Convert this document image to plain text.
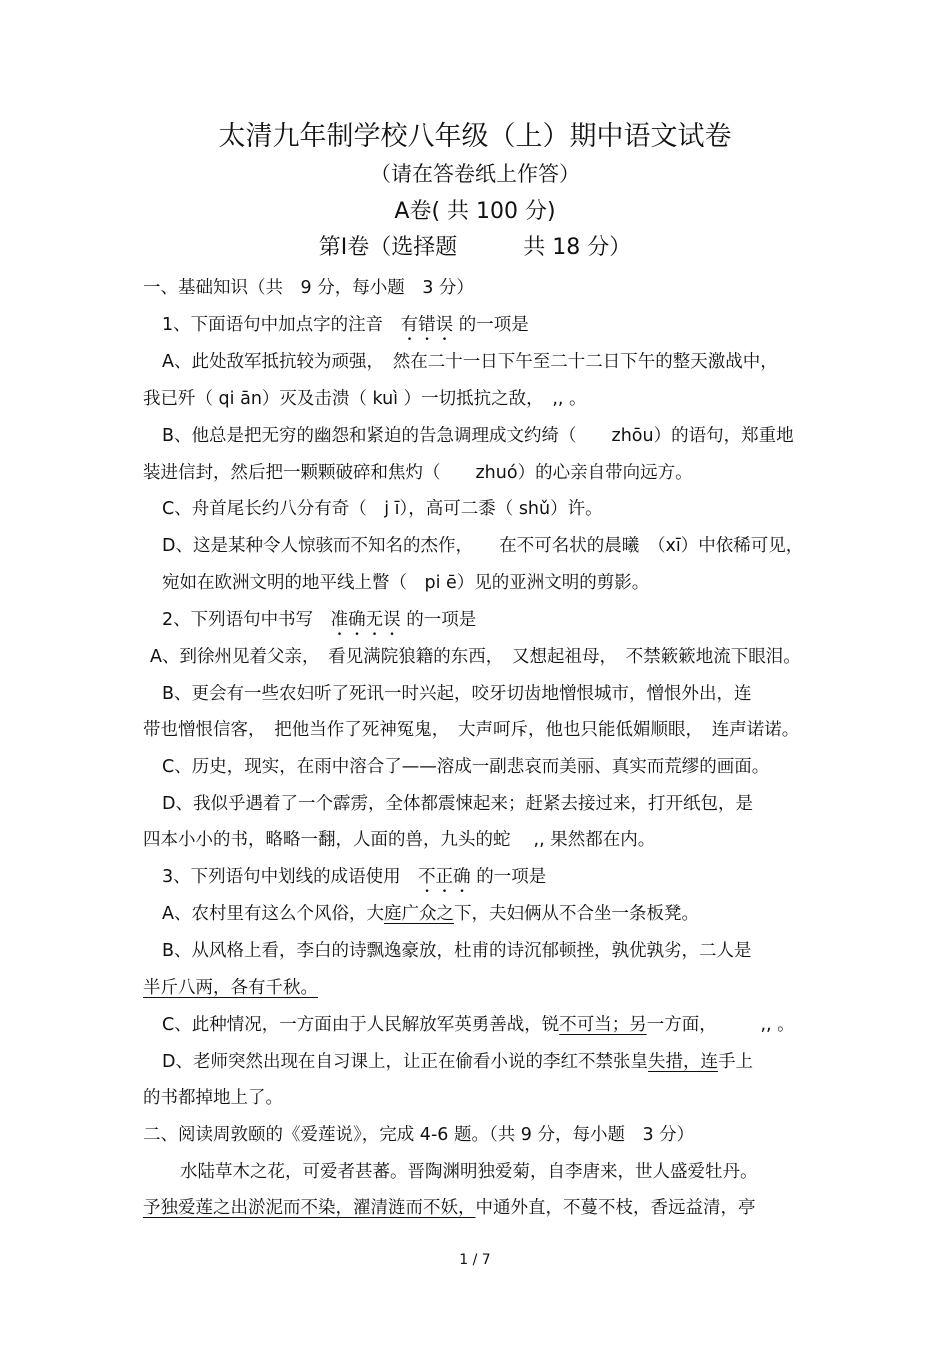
太清九年制学校八年级（上）期中语文试卷
（请在答卷纸上作答）
A卷( 共 100 分)
第Ⅰ卷（选择题　　　共 18 分）
一、基础知识（共　9 分，每小题　3 分）
1、下面语句中加点字的注音　有错误 的一项是
A、此处敌军抵抗较为顽强，　然在二十一日下午至二十二日下午的整天激战中，
我已歼（ qi ān）灭及击溃（ kuì ）一切抵抗之敌，　,, 。
B、他总是把无穷的幽怨和紧迫的告急调理成文约绮（　　zhōu）的语句，郑重地
装进信封，然后把一颗颗破碎和焦灼（　　zhuó）的心亲自带向远方。
C、舟首尾长约八分有奇（　j ī），高可二黍（ shǔ）许。
D、这是某种令人惊骇而不知名的杰作，　　在不可名状的晨曦　（xī）中依稀可见，
宛如在欧洲文明的地平线上瞥（　pi ē）见的亚洲文明的剪影。
2、下列语句中书写　准确无误 的一项是
A、到徐州见着父亲，　看见满院狼籍的东西，　又想起祖母，　不禁簌簌地流下眼泪。
B、更会有一些农妇听了死讯一时兴起，咬牙切齿地憎恨城市，憎恨外出，连
带也憎恨信客，　把他当作了死神冤鬼，　大声呵斥，他也只能低媚顺眼，　连声诺诺。
C、历史，现实，在雨中溶合了——溶成一副悲哀而美丽、真实而荒缪的画面。
D、我似乎遇着了一个霹雳，全体都震悚起来；赶紧去接过来，打开纸包，是
四本小小的书，略略一翻，人面的兽，九头的蛇　 ,, 果然都在内。
3、下列语句中划线的成语使用　不正确 的一项是
A、农村里有这么个风俗，大庭广众之下，夫妇俩从不合坐一条板凳。
B、从风格上看，李白的诗飘逸豪放，杜甫的诗沉郁顿挫，孰优孰劣，二人是
半斤八两，各有千秋。
C、此种情况，一方面由于人民解放军英勇善战，锐不可当；另一方面，　　　,, 。
D、老师突然出现在自习课上，让正在偷看小说的李红不禁张皇失措，连手上
的书都掉地上了。
二、阅读周敦颐的《爱莲说》，完成 4-6 题。（共 9 分，每小题　3 分）
水陆草木之花，可爱者甚蕃。晋陶渊明独爱菊，自李唐来，世人盛爱牡丹。
予独爱莲之出淤泥而不染，濯清涟而不妖，中通外直，不蔓不枝，香远益清，亭
1 / 7
